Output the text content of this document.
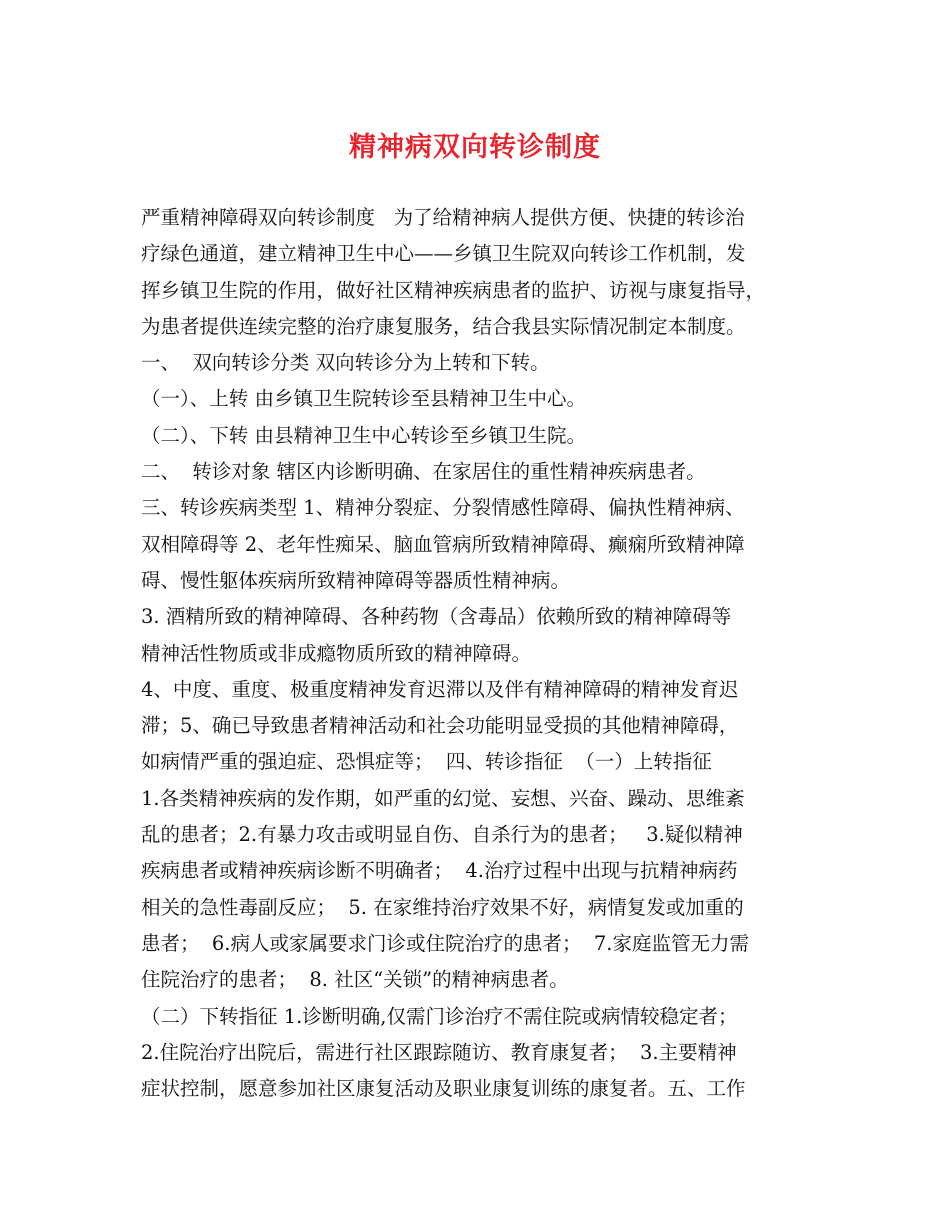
精神病双向转诊制度
严重精神障碍双向转诊制度   为了给精神病人提供方便、快捷的转诊治
疗绿色通道，建立精神卫生中心——乡镇卫生院双向转诊工作机制，发
挥乡镇卫生院的作用，做好社区精神疾病患者的监护、访视与康复指导，
为患者提供连续完整的治疗康复服务，结合我县实际情况制定本制度。
一、  双向转诊分类 双向转诊分为上转和下转。
（一）、上转 由乡镇卫生院转诊至县精神卫生中心。
（二）、下转 由县精神卫生中心转诊至乡镇卫生院。
二、  转诊对象 辖区内诊断明确、在家居住的重性精神疾病患者。
三、转诊疾病类型 1、精神分裂症、分裂情感性障碍、偏执性精神病、
双相障碍等 2、老年性痴呆、脑血管病所致精神障碍、癫痫所致精神障
碍、慢性躯体疾病所致精神障碍等器质性精神病。
3. 酒精所致的精神障碍、各种药物（含毒品）依赖所致的精神障碍等
精神活性物质或非成瘾物质所致的精神障碍。
4、中度、重度、极重度精神发育迟滞以及伴有精神障碍的精神发育迟
滞；5、确已导致患者精神活动和社会功能明显受损的其他精神障碍，
如病情严重的强迫症、恐惧症等；  四、转诊指征  （一）上转指征
1.各类精神疾病的发作期，如严重的幻觉、妄想、兴奋、躁动、思维紊
乱的患者；2.有暴力攻击或明显自伤、自杀行为的患者；   3.疑似精神
疾病患者或精神疾病诊断不明确者；  4.治疗过程中出现与抗精神病药
相关的急性毒副反应；  5. 在家维持治疗效果不好，病情复发或加重的
患者；  6.病人或家属要求门诊或住院治疗的患者；  7.家庭监管无力需
住院治疗的患者；  8. 社区“关锁”的精神病患者。
（二）下转指征 1.诊断明确,仅需门诊治疗不需住院或病情较稳定者；
2.住院治疗出院后，需进行社区跟踪随访、教育康复者；  3.主要精神
症状控制，愿意参加社区康复活动及职业康复训练的康复者。五、工作
